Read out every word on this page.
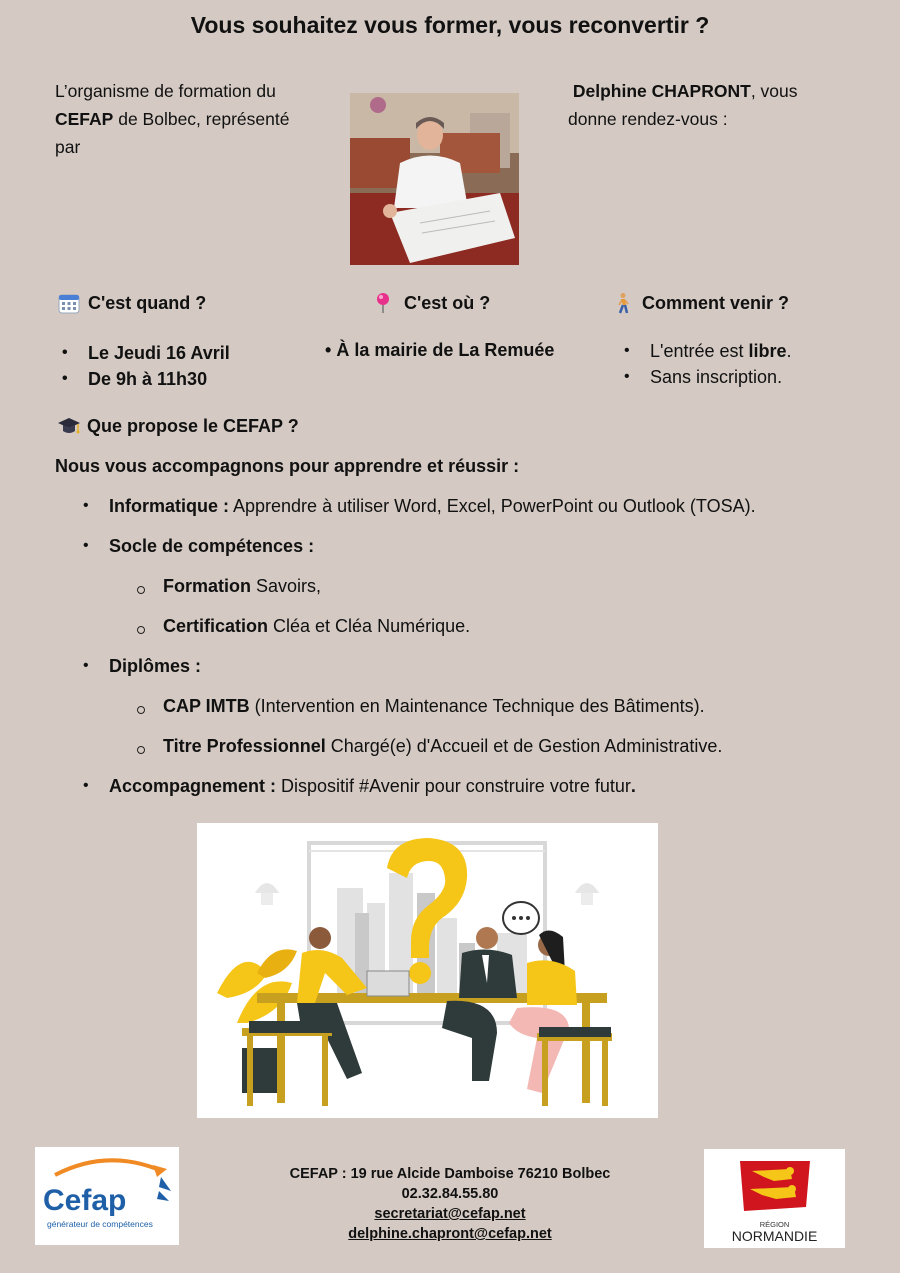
Vous souhaitez vous former, vous reconvertir ?
L’organisme de formation du
CEFAP de Bolbec, représenté
par
Delphine CHAPRONT, vous
donne rendez-vous :
C'est quand ?
• Le Jeudi 16 Avril
• De 9h à 11h30
C'est où ?
• À la mairie de La Remuée
Comment venir ?
• L'entrée est libre.
• Sans inscription.
Que propose le CEFAP ?
Nous vous accompagnons pour apprendre et réussir :
• Informatique : Apprendre à utiliser Word, Excel, PowerPoint ou Outlook (TOSA).
• Socle de compétences :
Formation Savoirs,
Certification Cléa et Cléa Numérique.
• Diplômes :
CAP IMTB (Intervention en Maintenance Technique des Bâtiments).
Titre Professionnel Chargé(e) d'Accueil et de Gestion Administrative.
• Accompagnement : Dispositif #Avenir pour construire votre futur.
Cefap
générateur de compétences
CEFAP : 19 rue Alcide Damboise 76210 Bolbec
02.32.84.55.80
secretariat@cefap.net
delphine.chapront@cefap.net
RÉGION
NORMANDIE
